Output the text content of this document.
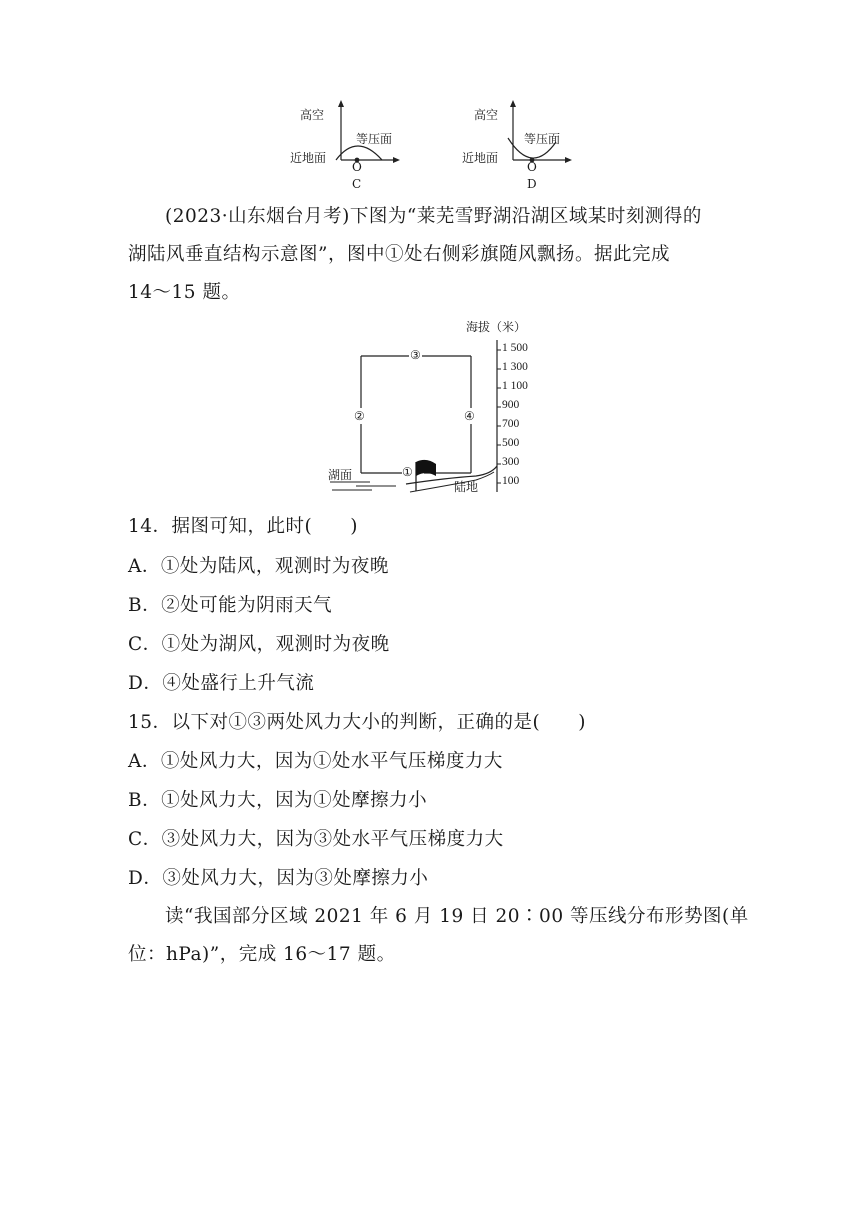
高空
等压面
近地面
O
C
高空
等压面
近地面
O
D
(2023·山东烟台月考)下图为“莱芜雪野湖沿湖区域某时刻测得的
湖陆风垂直结构示意图”，图中①处右侧彩旗随风飘扬。据此完成
14～15 题。
海拔（米）
1 500
1 300
1 100
900
700
500
300
100
③
②	④
①
湖面
陆地
14．据图可知，此时(　　)
A．①处为陆风，观测时为夜晚
B．②处可能为阴雨天气
C．①处为湖风，观测时为夜晚
D．④处盛行上升气流
15．以下对①③两处风力大小的判断，正确的是(　　)
A．①处风力大，因为①处水平气压梯度力大
B．①处风力大，因为①处摩擦力小
C．③处风力大，因为③处水平气压梯度力大
D．③处风力大，因为③处摩擦力小
读“我国部分区域 2021 年 6 月 19 日 20∶00 等压线分布形势图(单
位：hPa)”，完成 16～17 题。
